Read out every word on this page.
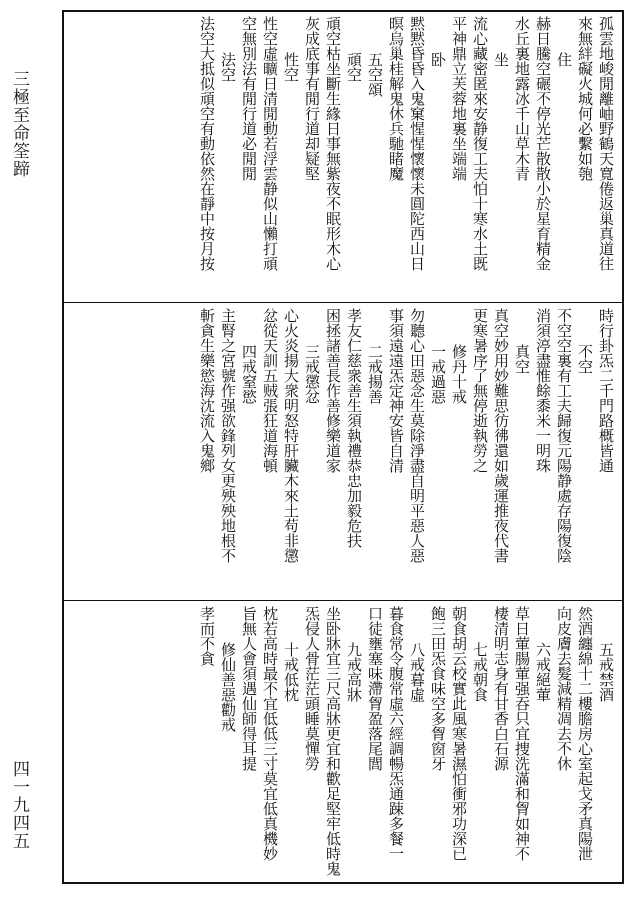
孤雲地峻閒離岫野鶴天寬倦返巢真道往
來無絆礙火城何必繫如匏
住
赫日騰空碾不停光芒散散小於星育精金
水丘裏地露冰千山草木青
坐
流心藏密匿來安静復工夫怕十寒水土既
平神鼎立芙蓉地裏坐端端
卧
黙黙昏昏入鬼窠惺惺懷懷未圓陀西山日
暝烏巢桂解鬼休兵馳睹魔
五空頌
頑空
頑空枯坐斷生緣日事無紫夜不眠形木心
灰成底事有閒行道却疑堅
性空
性空虛曠日清閒動若浮雲静似山懶打頑
空無別法有閒行道必閒閒
法空
法空大抵似頑空有動依然在靜中按月按
時行卦炁二千門路概皆通
不空
不空空裏有工夫歸復元陽静處存陽復陰
消須渟盡惟餘黍米一明珠
真空
真空妙用妙難思彷彿還如歲運推夜代書
更寒暑序了無停逝執勞之
修丹十戒
一戒過惡
勿聽心田惡念生莫除淨盡自明平惡人惡
事須遠遠炁定神安皆自清
二戒揚善
孝友仁慈衆善生須執禮恭忠加毅危扶
困拯諸善長作善修樂道家
三戒懲忿
心火炎揚大衆明怒特肝臟木來土苟非懲
忿從天訓五贼張狂道海頓
四戒窒慾
主腎之宮號作强欲鋒列女更殃殃地根不
斬貪生樂慾海沈流入鬼鄉
五戒禁酒
然酒纏綿十二樓膽房心室起戈矛真陽泄
向皮膚去髮減精凋去不休
六戒絕葷
草日葷腸葷强吞只宜捜洗滿和胷如神不
棲清明志身有甘香白石源
七戒朝食
朝食胡云校實此風寒暑濕怕衝邪功深已
飽三田炁食味空多胷窗牙
八戒暮虛
暮食常令腹常虛六經調暢炁通踈多餐一
口徒壅塞味滯胷盈落尾閭
九戒高牀
坐卧牀宜三尺高牀更宜和歡足堅牢低時鬼
炁侵人骨茫茫頭睡莫憚勞
十戒低枕
枕若高時最不宜低低三寸莫宜低真機妙
旨無人會須遇仙師得耳提
修仙善惡勸戒
孝而不貪
三極至命筌蹄
四一九四五
